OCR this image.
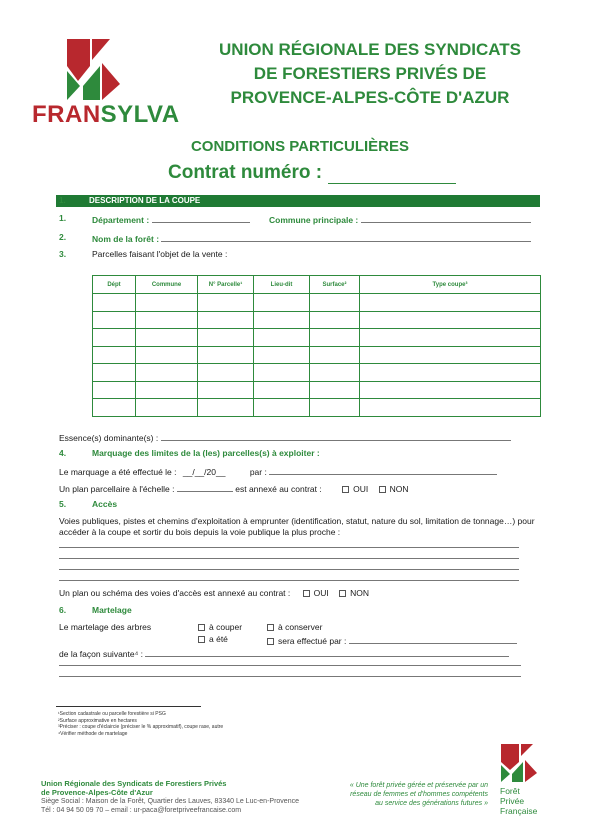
FRANSYLVA
UNION RÉGIONALE DES SYNDICATS
DE FORESTIERS PRIVÉS DE
PROVENCE-ALPES-CÔTE D'AZUR
CONDITIONS PARTICULIÈRES
Contrat numéro :
1.	DESCRIPTION DE LA COUPE
1.	Département :	Commune principale :
2.	Nom de la forêt :
3.	Parcelles faisant l'objet de la vente :
Dépt	Commune	N° Parcelle¹	Lieu-dit	Surface²	Type coupe³

Essence(s) dominante(s) :
4.	Marquage des limites de la (les) parcelles(s) à exploiter :
Le marquage a été effectué le : __/__/20__	par :
Un plan parcellaire à l'échelle :	est annexé au contrat :	OUI	NON
5.	Accès
Voies publiques, pistes et chemins d'exploitation à emprunter (identification, statut, nature du sol, limitation de tonnage…) pour accéder à la coupe et sortir du bois depuis la voie publique la plus proche :
Un plan ou schéma des voies d'accès est annexé au contrat :	OUI	NON
6.	Martelage
Le martelage des arbres	à couper	à conserver
a été	sera effectué par :
de la façon suivante⁴ :
¹Section cadastrale ou parcelle forestière si PSG
²Surface approximative en hectares
³Préciser : coupe d'éclaircie (préciser le % approximatif), coupe rase, autre
⁴Vériﬁer méthode de martelage
Union Régionale des Syndicats de Forestiers Privés
de Provence-Alpes-Côte d'Azur
Siège Social : Maison de la Forêt, Quartier des Lauves, 83340 Le Luc-en-Provence
Tél : 04 94 50 09 70 – email : ur-paca@foretpriveefrancaise.com
« Une forêt privée gérée et préservée par un
réseau de femmes et d'hommes compétents
au service des générations futures »
Forêt
Privée
Française
